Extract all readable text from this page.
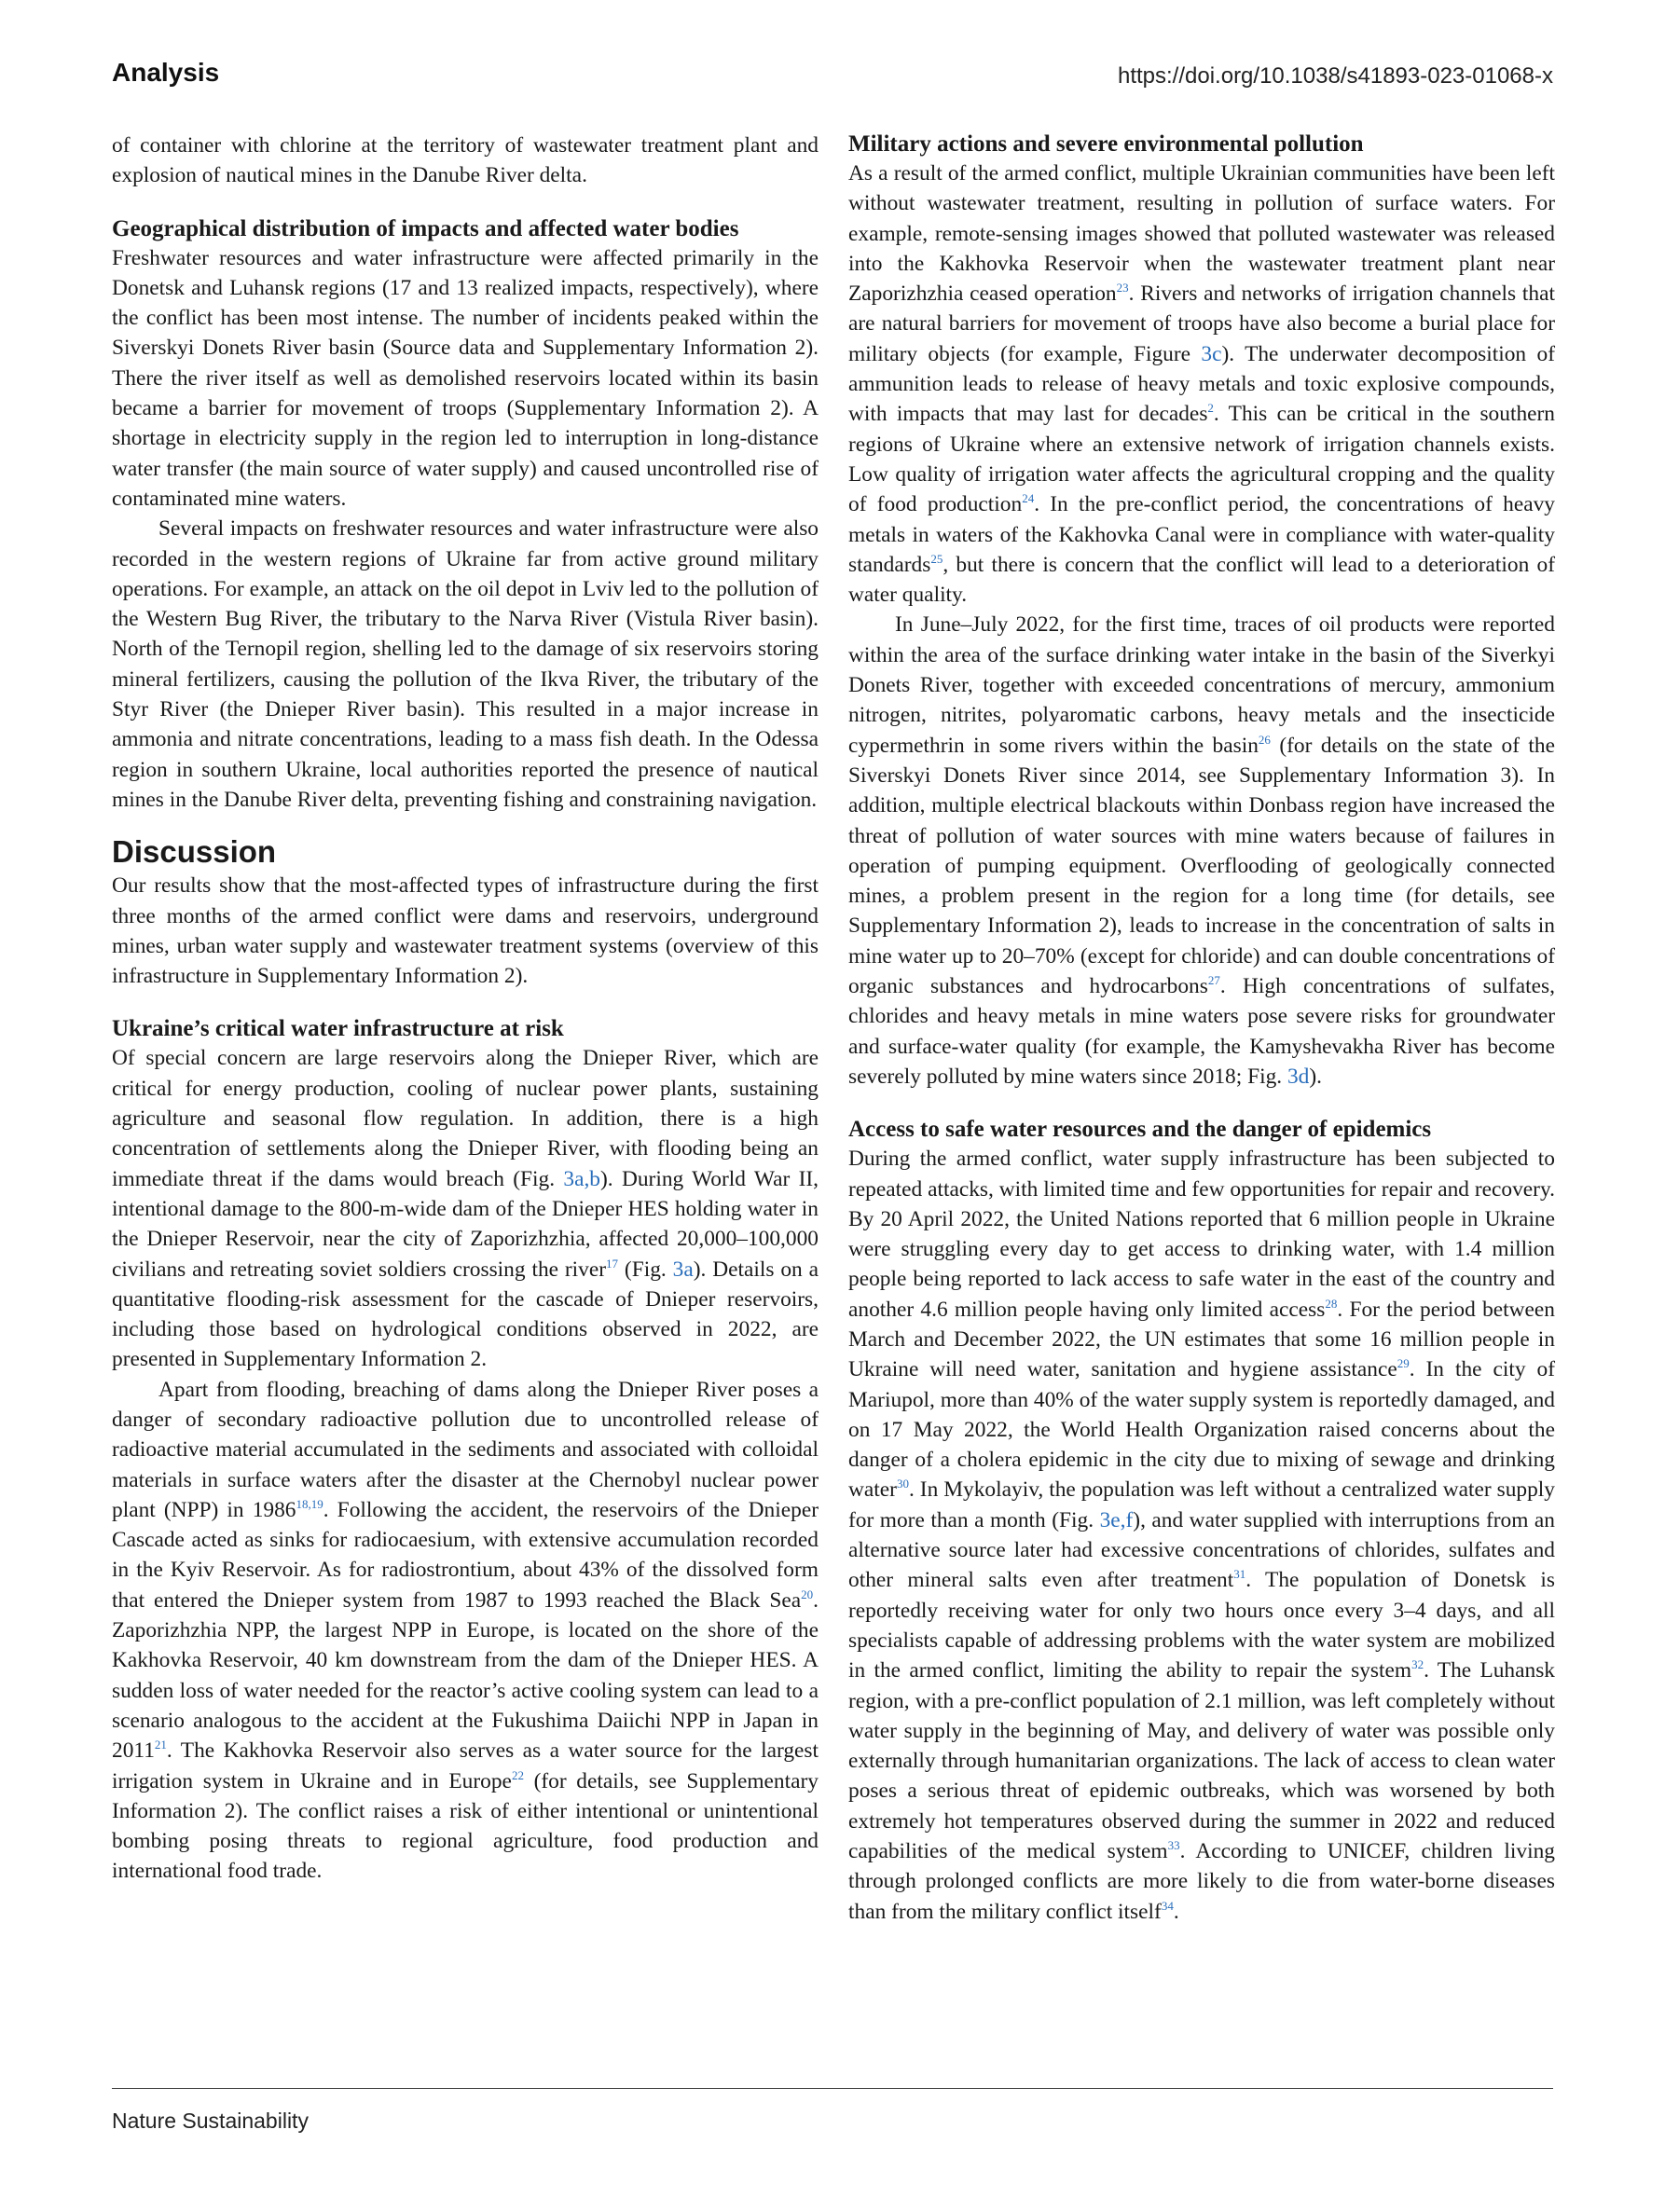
Analysis	https://doi.org/10.1038/s41893-023-01068-x

of container with chlorine at the territory of wastewater treatment plant and explosion of nautical mines in the Danube River delta.

Geographical distribution of impacts and affected water bodies

Freshwater resources and water infrastructure were affected primarily in the Donetsk and Luhansk regions (17 and 13 realized impacts, respectively), where the conflict has been most intense. The number of incidents peaked within the Siverskyi Donets River basin (Source data and Supplementary Information 2). There the river itself as well as demolished reservoirs located within its basin became a barrier for movement of troops (Supplementary Information 2). A shortage in electricity supply in the region led to interruption in long-distance water transfer (the main source of water supply) and caused uncontrolled rise of contaminated mine waters.

Several impacts on freshwater resources and water infrastructure were also recorded in the western regions of Ukraine far from active ground military operations. For example, an attack on the oil depot in Lviv led to the pollution of the Western Bug River, the tributary to the Narva River (Vistula River basin). North of the Ternopil region, shelling led to the damage of six reservoirs storing mineral fertilizers, causing the pollution of the Ikva River, the tributary of the Styr River (the Dnieper River basin). This resulted in a major increase in ammonia and nitrate concentrations, leading to a mass fish death. In the Odessa region in southern Ukraine, local authorities reported the presence of nautical mines in the Danube River delta, preventing fishing and constraining navigation.

Discussion

Our results show that the most-affected types of infrastructure during the first three months of the armed conflict were dams and reservoirs, underground mines, urban water supply and wastewater treatment systems (overview of this infrastructure in Supplementary Information 2).

Ukraine’s critical water infrastructure at risk

Of special concern are large reservoirs along the Dnieper River, which are critical for energy production, cooling of nuclear power plants, sustaining agriculture and seasonal flow regulation. In addition, there is a high concentration of settlements along the Dnieper River, with flooding being an immediate threat if the dams would breach (Fig. 3a,b). During World War II, intentional damage to the 800-m-wide dam of the Dnieper HES holding water in the Dnieper Reservoir, near the city of Zaporizhzhia, affected 20,000–100,000 civilians and retreating soviet soldiers crossing the river$^{17}$ (Fig. 3a). Details on a quantitative flooding-risk assessment for the cascade of Dnieper reservoirs, including those based on hydrological conditions observed in 2022, are presented in Supplementary Information 2.

Apart from flooding, breaching of dams along the Dnieper River poses a danger of secondary radioactive pollution due to uncontrolled release of radioactive material accumulated in the sediments and associated with colloidal materials in surface waters after the disaster at the Chernobyl nuclear power plant (NPP) in 1986$^{18,19}$. Following the accident, the reservoirs of the Dnieper Cascade acted as sinks for radiocaesium, with extensive accumulation recorded in the Kyiv Reservoir. As for radiostrontium, about 43% of the dissolved form that entered the Dnieper system from 1987 to 1993 reached the Black Sea$^{20}$. Zaporizhzhia NPP, the largest NPP in Europe, is located on the shore of the Kakhovka Reservoir, 40 km downstream from the dam of the Dnieper HES. A sudden loss of water needed for the reactor’s active cooling system can lead to a scenario analogous to the accident at the Fukushima Daiichi NPP in Japan in 2011$^{21}$. The Kakhovka Reservoir also serves as a water source for the largest irrigation system in Ukraine and in Europe$^{22}$ (for details, see Supplementary Information 2). The conflict raises a risk of either intentional or unintentional bombing posing threats to regional agriculture, food production and international food trade.

Military actions and severe environmental pollution

As a result of the armed conflict, multiple Ukrainian communities have been left without wastewater treatment, resulting in pollution of surface waters. For example, remote-sensing images showed that polluted wastewater was released into the Kakhovka Reservoir when the wastewater treatment plant near Zaporizhzhia ceased operation$^{23}$. Rivers and networks of irrigation channels that are natural barriers for movement of troops have also become a burial place for military objects (for example, Figure 3c). The underwater decomposition of ammunition leads to release of heavy metals and toxic explosive compounds, with impacts that may last for decades$^2$. This can be critical in the southern regions of Ukraine where an extensive network of irrigation channels exists. Low quality of irrigation water affects the agricultural cropping and the quality of food production$^{24}$. In the pre-conflict period, the concentrations of heavy metals in waters of the Kakhovka Canal were in compliance with water-quality standards$^{25}$, but there is concern that the conflict will lead to a deterioration of water quality.

In June–July 2022, for the first time, traces of oil products were reported within the area of the surface drinking water intake in the basin of the Siverkyi Donets River, together with exceeded concentrations of mercury, ammonium nitrogen, nitrites, polyaromatic carbons, heavy metals and the insecticide cypermethrin in some rivers within the basin$^{26}$ (for details on the state of the Siverskyi Donets River since 2014, see Supplementary Information 3). In addition, multiple electrical blackouts within Donbass region have increased the threat of pollution of water sources with mine waters because of failures in operation of pumping equipment. Overflooding of geologically connected mines, a problem present in the region for a long time (for details, see Supplementary Information 2), leads to increase in the concentration of salts in mine water up to 20–70% (except for chloride) and can double concentrations of organic substances and hydrocarbons$^{27}$. High concentrations of sulfates, chlorides and heavy metals in mine waters pose severe risks for groundwater and surface-water quality (for example, the Kamyshevakha River has become severely polluted by mine waters since 2018; Fig. 3d).

Access to safe water resources and the danger of epidemics

During the armed conflict, water supply infrastructure has been subjected to repeated attacks, with limited time and few opportunities for repair and recovery. By 20 April 2022, the United Nations reported that 6 million people in Ukraine were struggling every day to get access to drinking water, with 1.4 million people being reported to lack access to safe water in the east of the country and another 4.6 million people having only limited access$^{28}$. For the period between March and December 2022, the UN estimates that some 16 million people in Ukraine will need water, sanitation and hygiene assistance$^{29}$. In the city of Mariupol, more than 40% of the water supply system is reportedly damaged, and on 17 May 2022, the World Health Organization raised concerns about the danger of a cholera epidemic in the city due to mixing of sewage and drinking water$^{30}$. In Mykolayiv, the population was left without a centralized water supply for more than a month (Fig. 3e,f), and water supplied with interruptions from an alternative source later had excessive concentrations of chlorides, sulfates and other mineral salts even after treatment$^{31}$. The population of Donetsk is reportedly receiving water for only two hours once every 3–4 days, and all specialists capable of addressing problems with the water system are mobilized in the armed conflict, limiting the ability to repair the system$^{32}$. The Luhansk region, with a pre-conflict population of 2.1 million, was left completely without water supply in the beginning of May, and delivery of water was possible only externally through humanitarian organizations. The lack of access to clean water poses a serious threat of epidemic outbreaks, which was worsened by both extremely hot temperatures observed during the summer in 2022 and reduced capabilities of the medical system$^{33}$. According to UNICEF, children living through prolonged conflicts are more likely to die from water-borne diseases than from the military conflict itself$^{34}$.

Nature Sustainability
